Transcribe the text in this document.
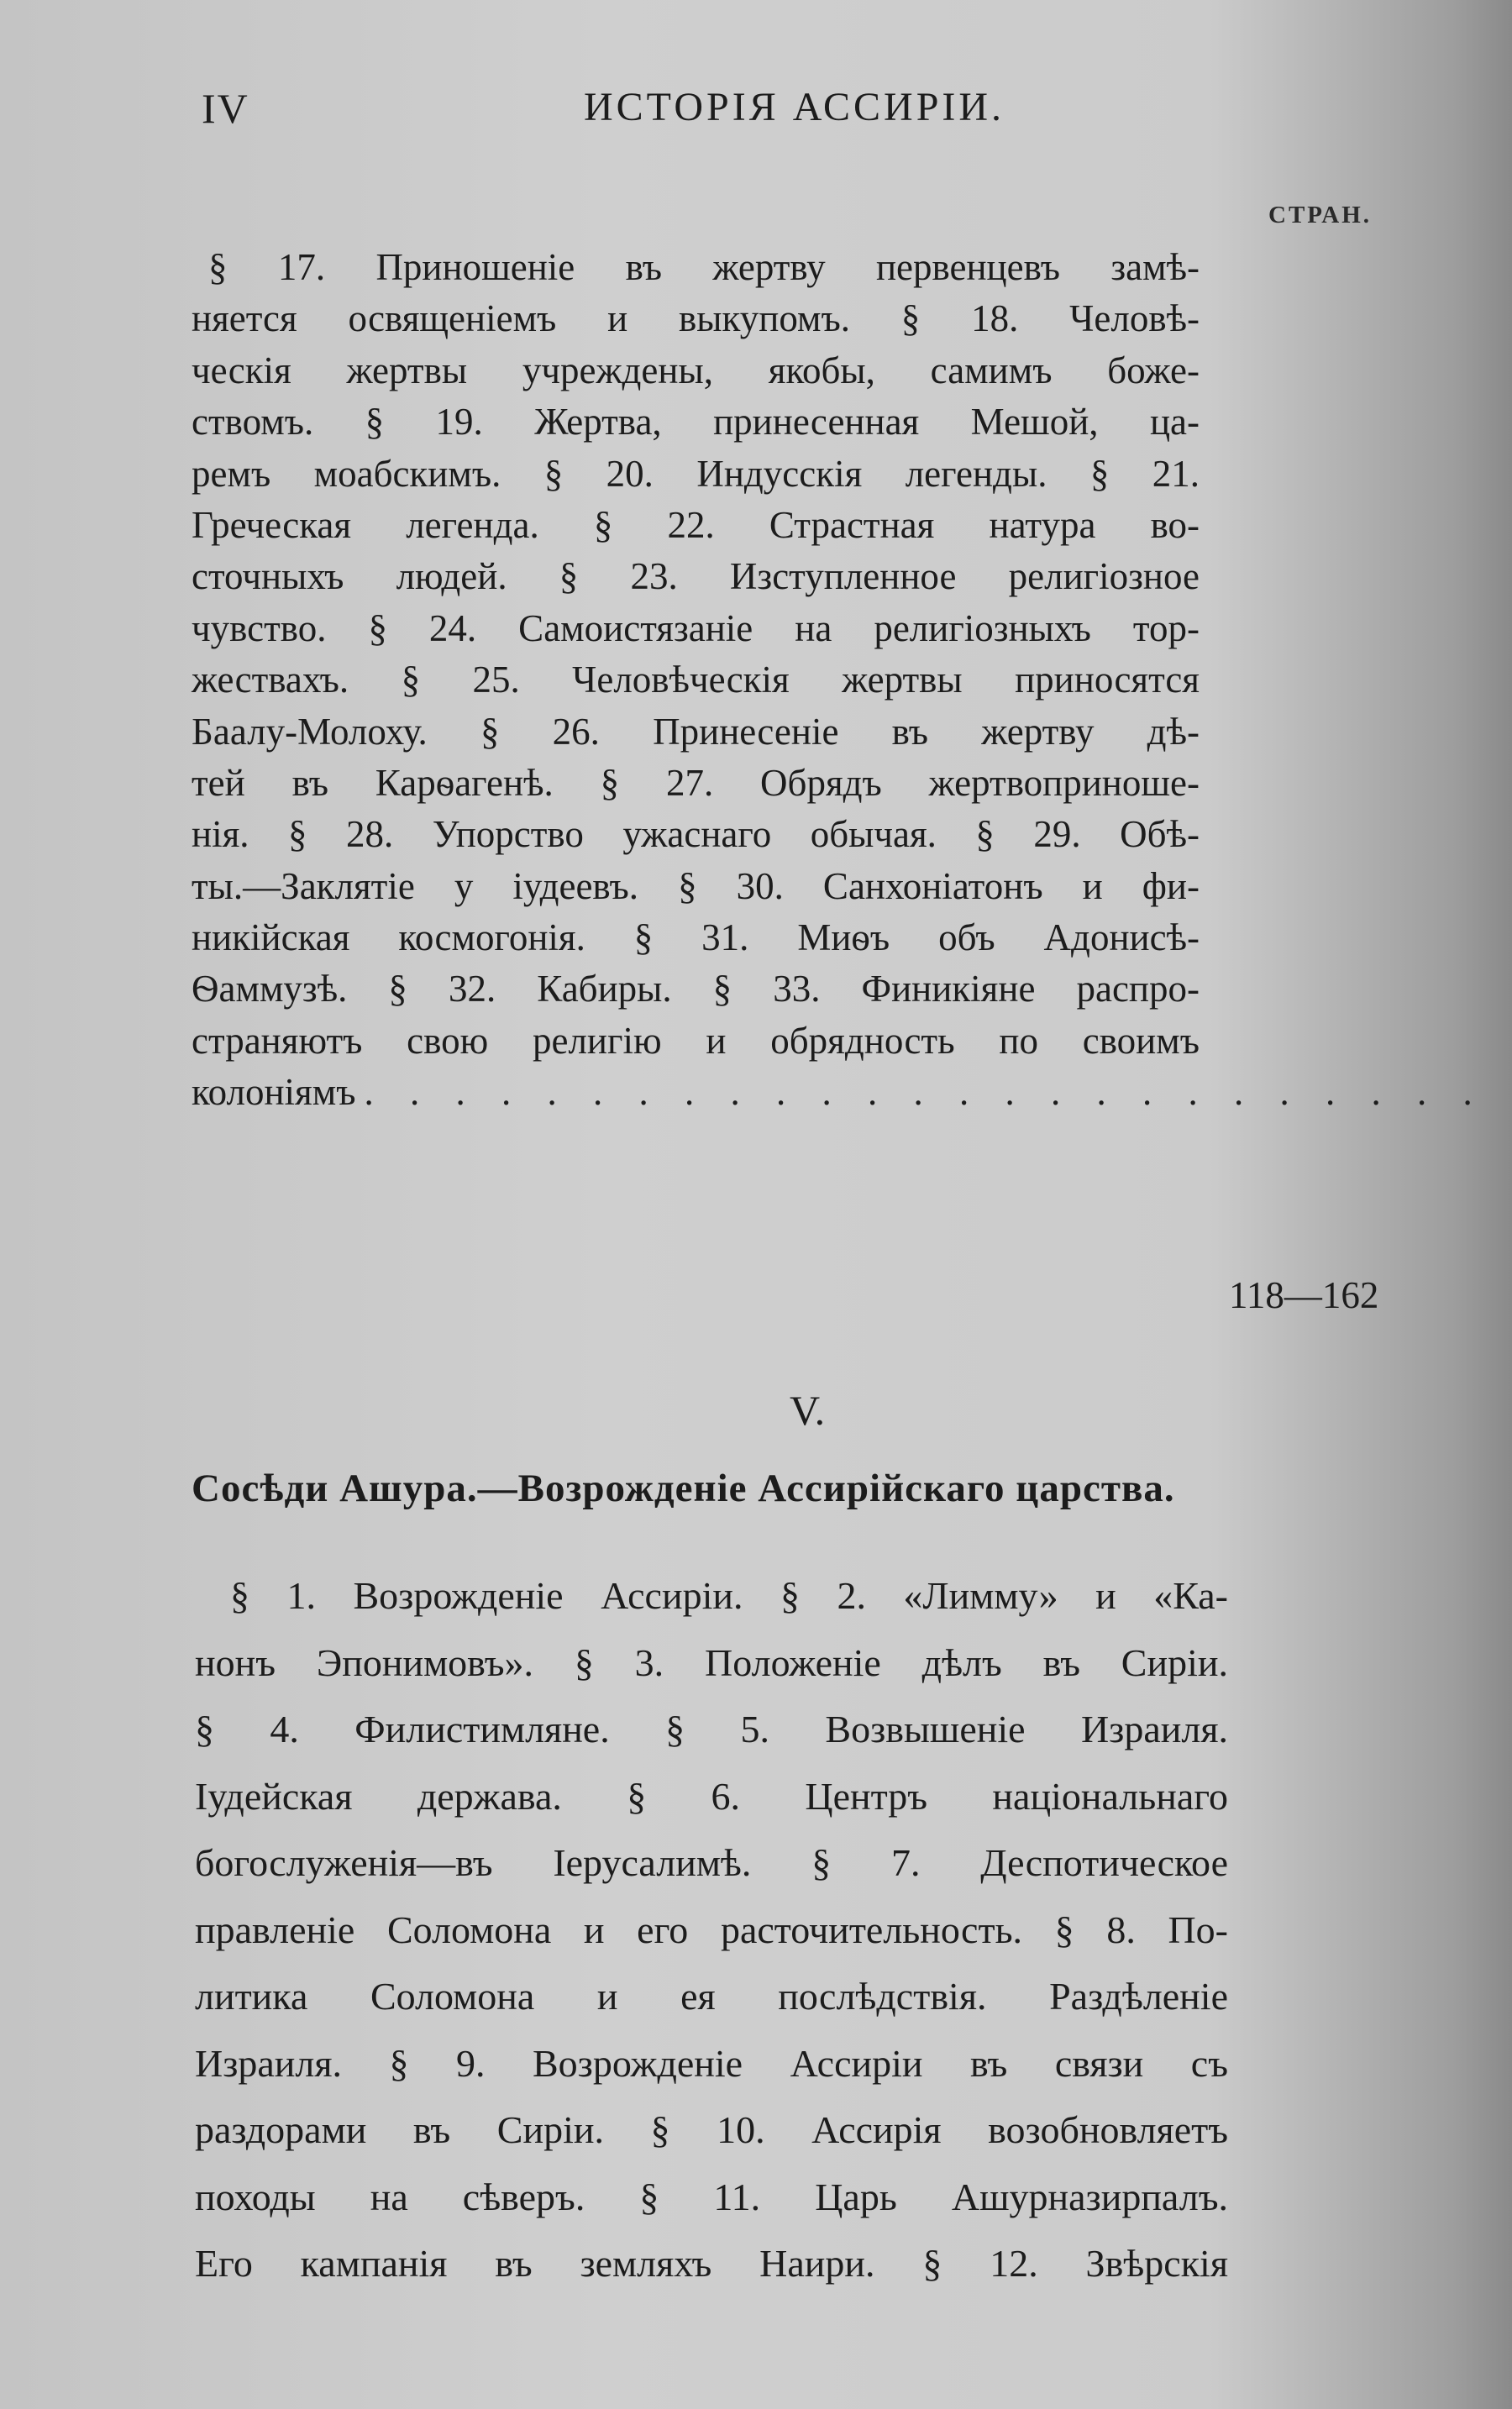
IV	ИСТОРІЯ АССИРІИ.
СТРАН.
§ 17. Приношеніе въ жертву первенцевъ замѣ-
няется освященіемъ и выкупомъ. § 18. Человѣ-
ческія жертвы учреждены, якобы, самимъ боже-
ствомъ. § 19. Жертва, принесенная Мешой, ца-
ремъ моабскимъ. § 20. Индусскія легенды. § 21.
Греческая легенда. § 22. Страстная натура во-
сточныхъ людей. § 23. Изступленное религіозное
чувство. § 24. Самоистязаніе на религіозныхъ тор-
жествахъ. § 25. Человѣческія жертвы приносятся
Баалу-Молоху. § 26. Принесеніе въ жертву дѣ-
тей въ Карѳагенѣ. § 27. Обрядъ жертвоприноше-
нія. § 28. Упорство ужаснаго обычая. § 29. Обѣ-
ты.—Заклятіе у іудеевъ. § 30. Санхоніатонъ и фи-
никійская космогонія. § 31. Миѳъ объ Адонисѣ-
Ѳаммузѣ. § 32. Кабиры. § 33. Финикіяне распро-
страняютъ свою религію и обрядность по своимъ
колоніямъ . . . . . . . . . . . . . . . . . . . . . . . . .
118—162
V.
Сосѣди Ашура.—Возрожденіе Ассирійскаго царства.
§ 1. Возрожденіе Ассиріи. § 2. «Лимму» и «Ка-
нонъ Эпонимовъ». § 3. Положеніе дѣлъ въ Сиріи.
§ 4. Филистимляне. § 5. Возвышеніе Израиля.
Іудейская держава. § 6. Центръ національнаго
богослуженія—въ Іерусалимѣ. § 7. Деспотическое
правленіе Соломона и его расточительность. § 8. По-
литика Соломона и ея послѣдствія. Раздѣленіе
Израиля. § 9. Возрожденіе Ассиріи въ связи съ
раздорами въ Сиріи. § 10. Ассирія возобновляетъ
походы на сѣверъ. § 11. Царь Ашурназирпалъ.
Его кампанія въ земляхъ Наири. § 12. Звѣрскія
